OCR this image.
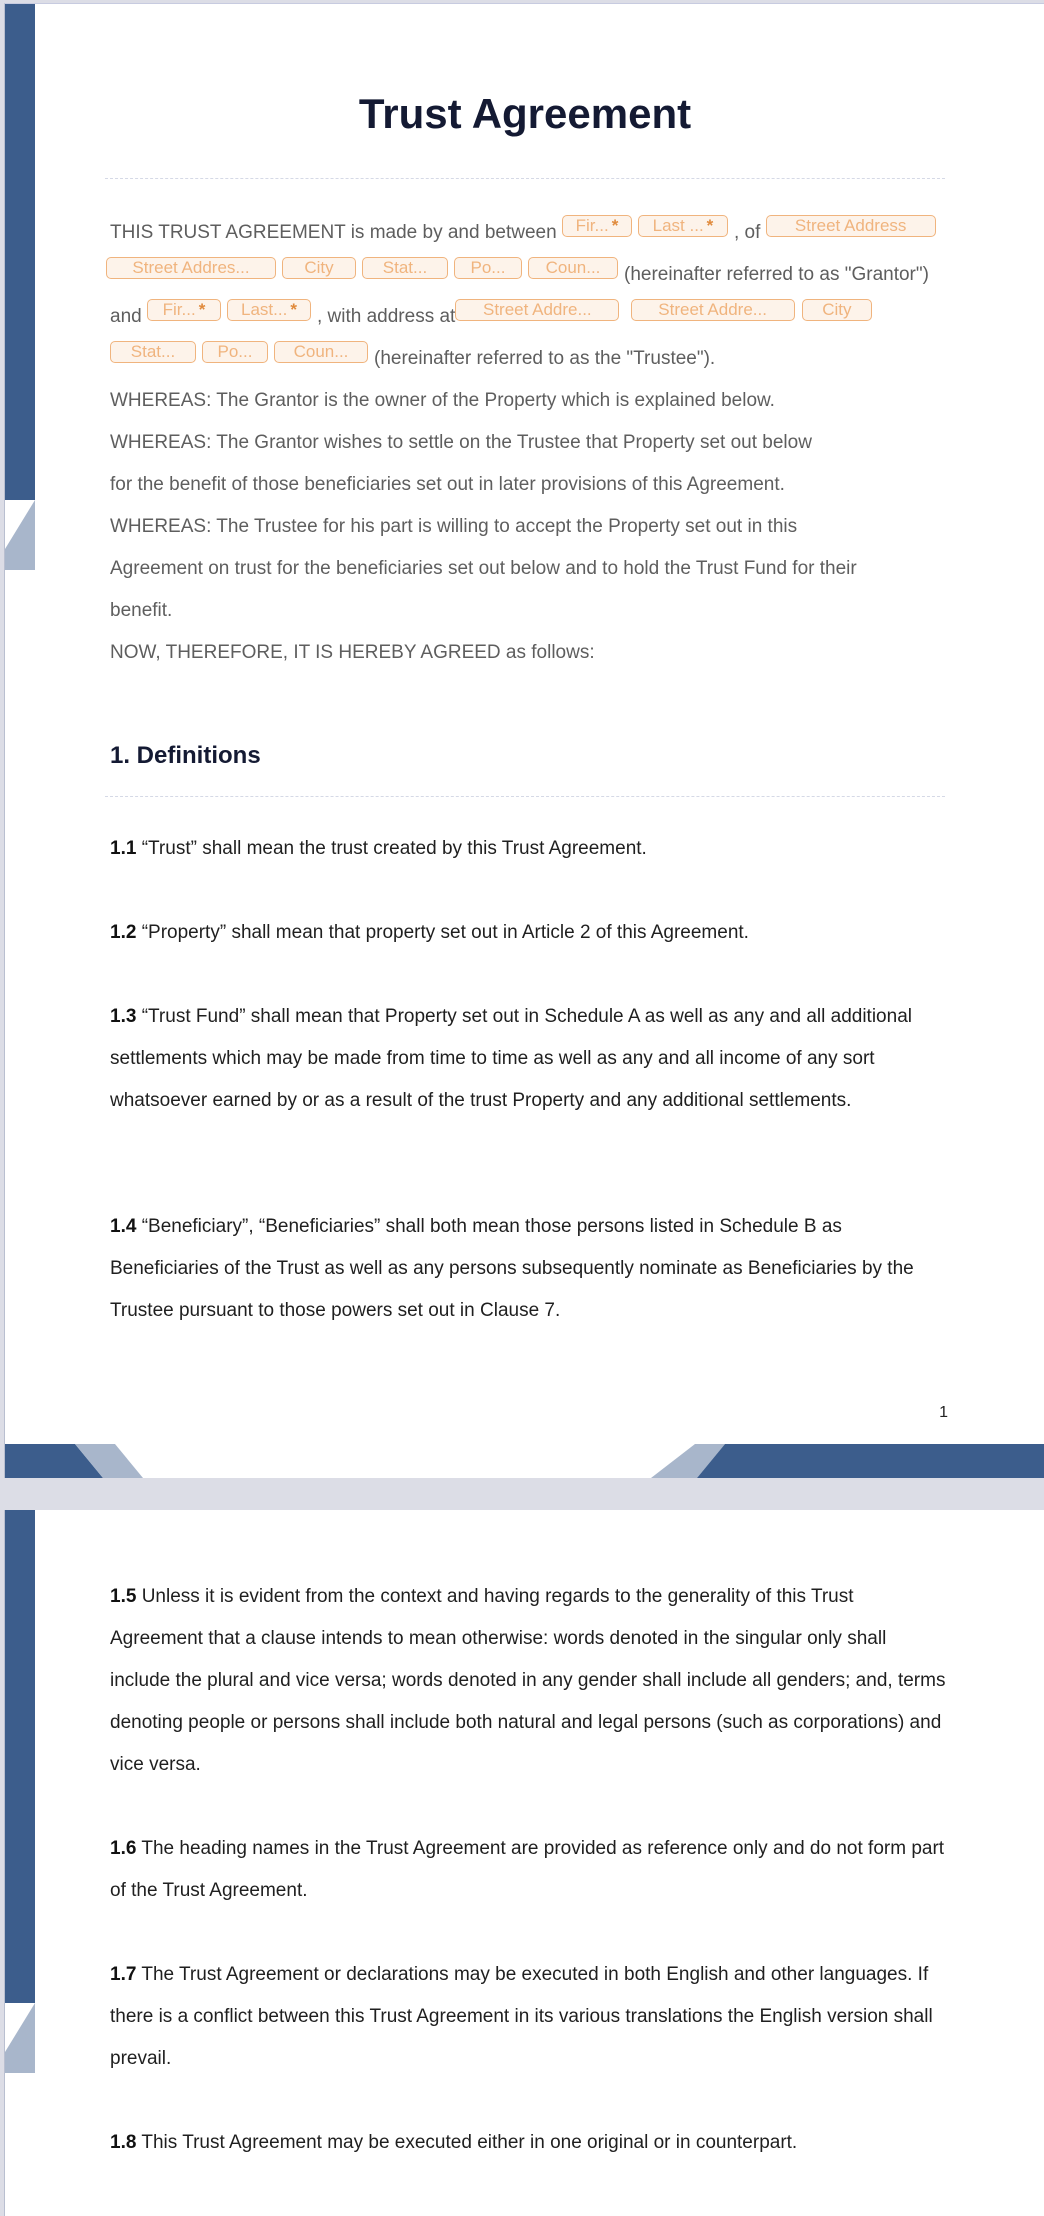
Trust Agreement

THIS TRUST AGREEMENT is made by and between Fir... * Last ... * , of Street Address Street Addres...	City	Stat...	Po... Coun... (hereinafter referred to as "Grantor") and Fir... * Last... * , with address at Street Addre...	Street Addre...	CityStat... Po... Coun... (hereinafter referred to as the "Trustee").

WHEREAS: The Grantor is the owner of the Property which is explained below.
WHEREAS: The Grantor wishes to settle on the Trustee that Property set out below
for the benefit of those beneficiaries set out in later provisions of this Agreement.
WHEREAS: The Trustee for his part is willing to accept the Property set out in this
Agreement on trust for the beneficiaries set out below and to hold the Trust Fund for their
benefit.
NOW, THEREFORE, IT IS HEREBY AGREED as follows:

1. Definitions

1.1 “Trust” shall mean the trust created by this Trust Agreement.

1.2 “Property” shall mean that property set out in Article 2 of this Agreement.

1.3 “Trust Fund” shall mean that Property set out in Schedule A as well as any and all additional settlements which may be made from time to time as well as any and all income of any sort whatsoever earned by or as a result of the trust Property and any additional settlements.

1.4 “Beneficiary”, “Beneficiaries” shall both mean those persons listed in Schedule B as Beneficiaries of the Trust as well as any persons subsequently nominate as Beneficiaries by the Trustee pursuant to those powers set out in Clause 7.

1

1.5 Unless it is evident from the context and having regards to the generality of this Trust Agreement that a clause intends to mean otherwise: words denoted in the singular only shall include the plural and vice versa; words denoted in any gender shall include all genders; and, terms denoting people or persons shall include both natural and legal persons (such as corporations) and vice versa.

1.6 The heading names in the Trust Agreement are provided as reference only and do not form part of the Trust Agreement.

1.7 The Trust Agreement or declarations may be executed in both English and other languages. If there is a conflict between this Trust Agreement in its various translations the English version shall prevail.

1.8 This Trust Agreement may be executed either in one original or in counterpart.
